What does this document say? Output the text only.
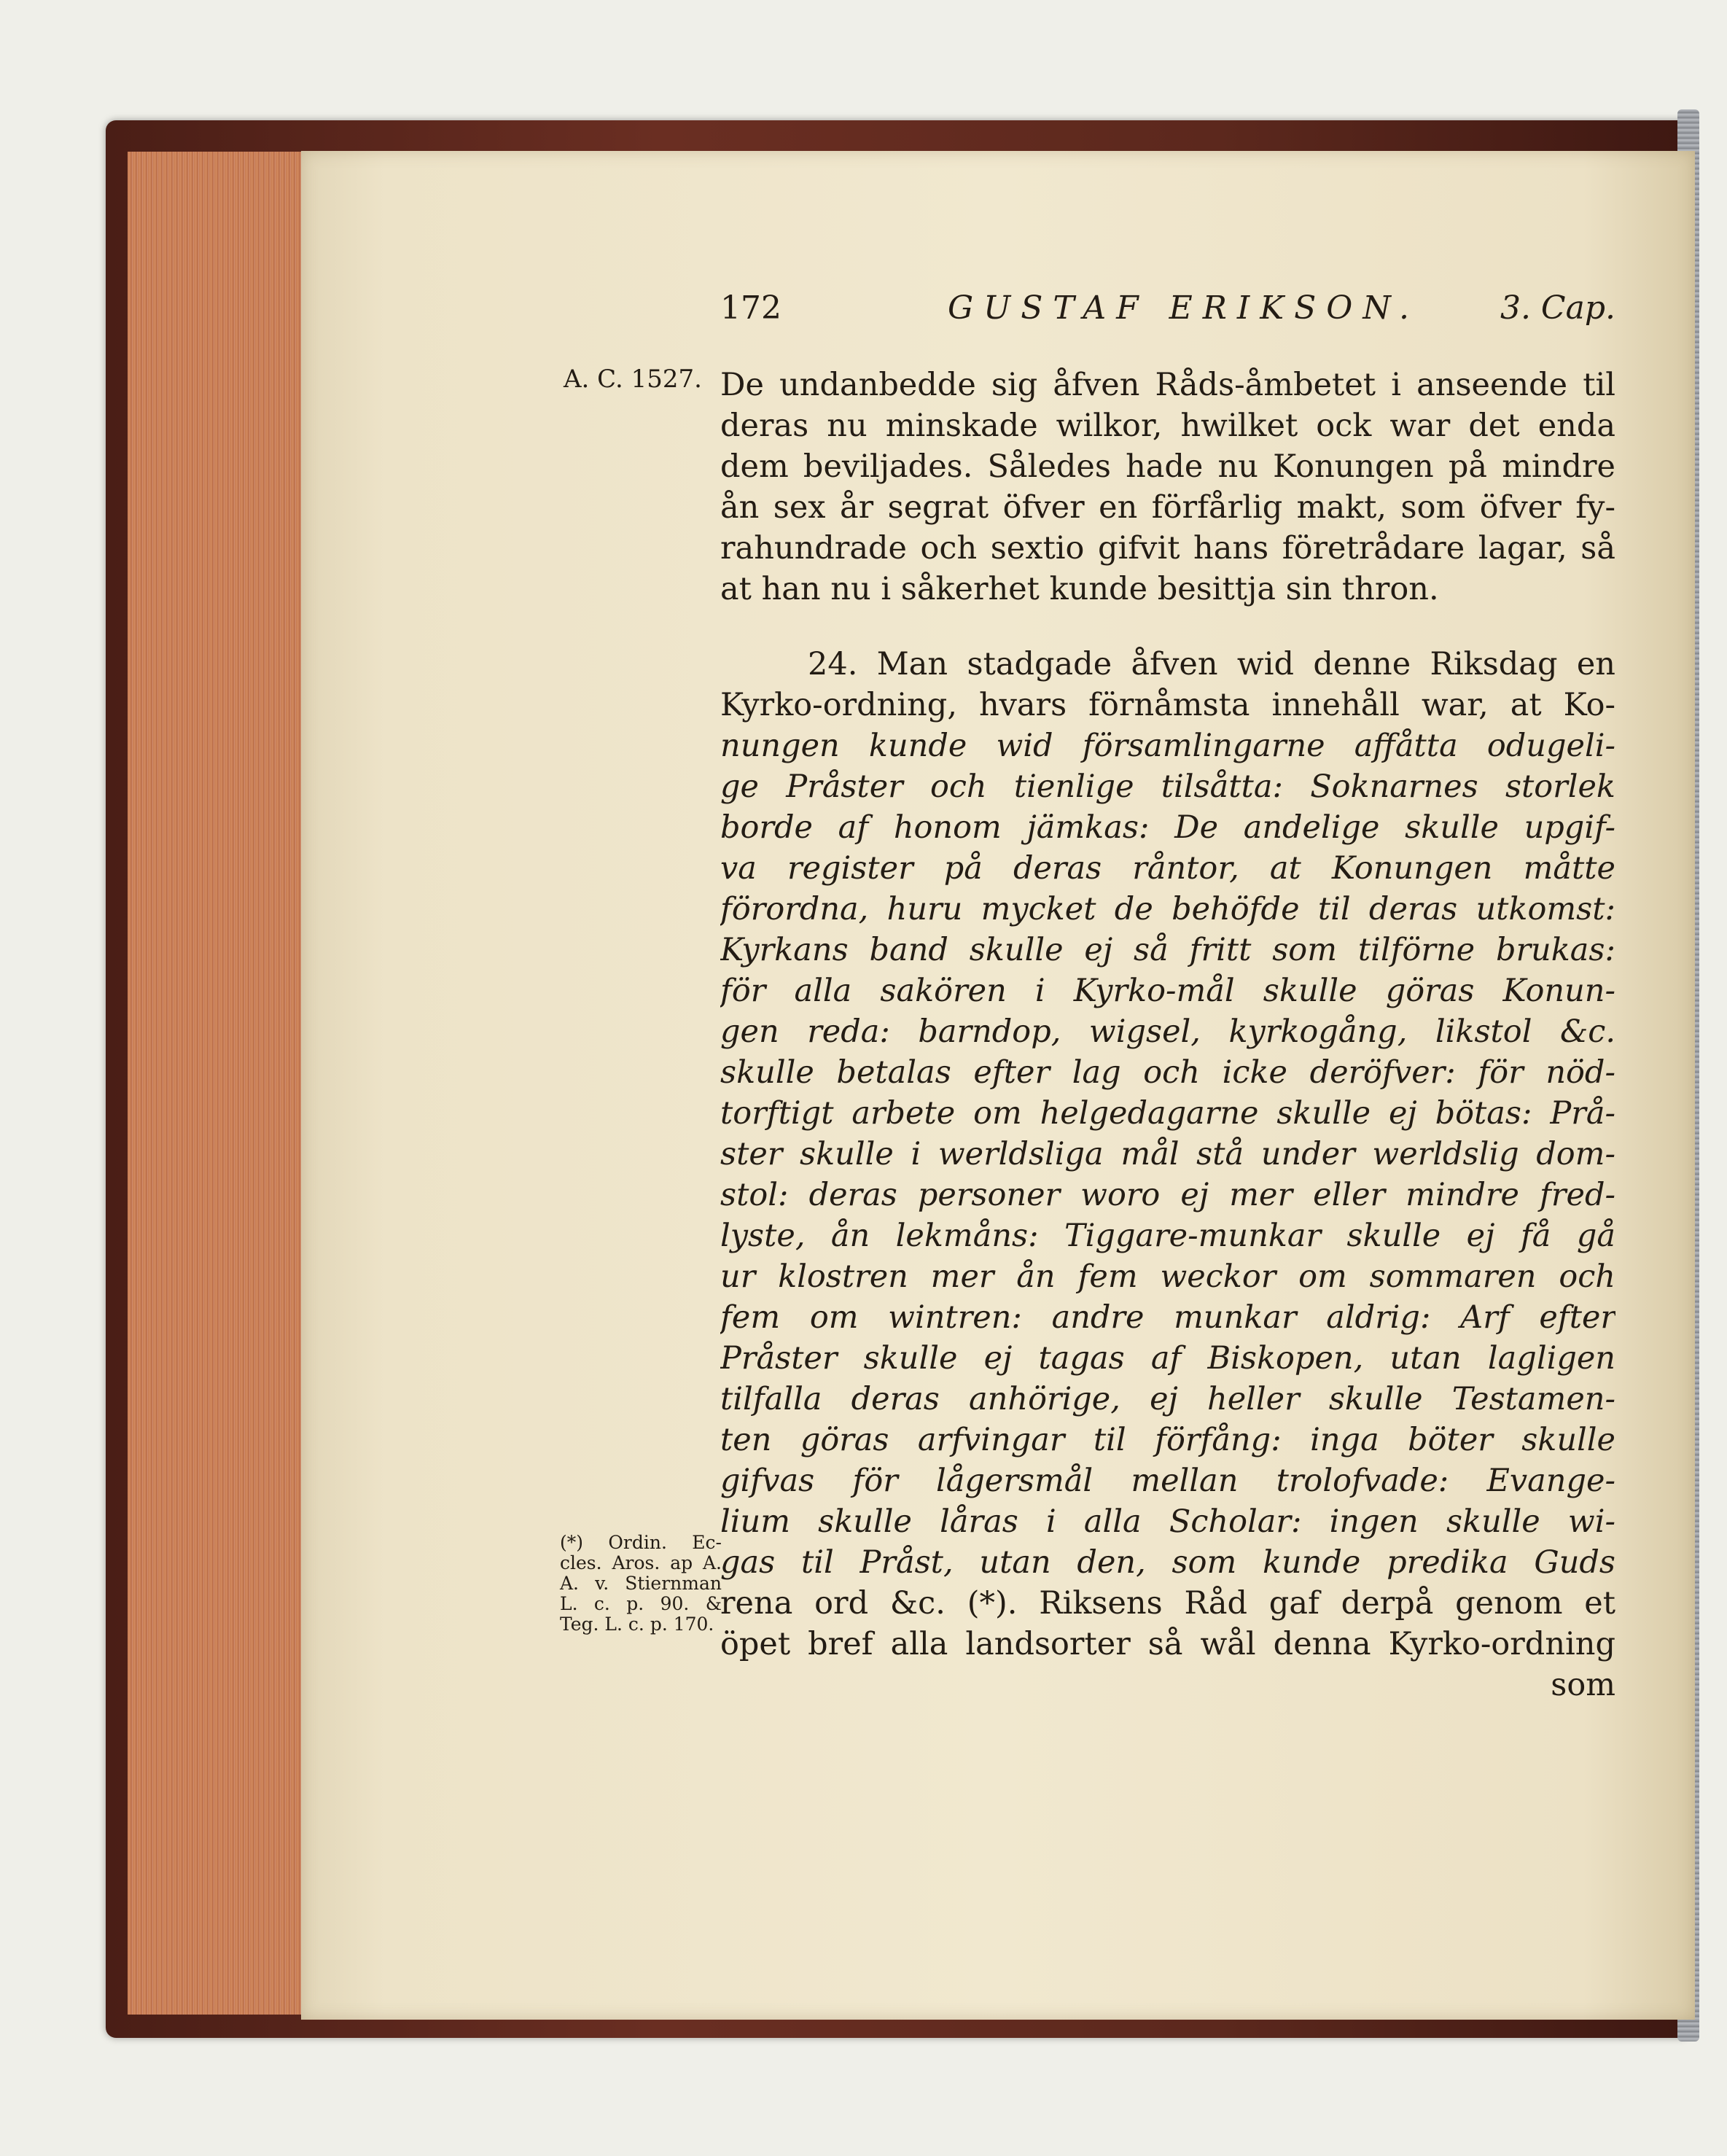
172	GUSTAF ERIKSON.	3. Cap.
A. C. 1527. De undanbedde sig åfven Råds-åmbetet i anseende til
deras nu minskade wilkor, hwilket ock war det enda
dem beviljades. Således hade nu Konungen på mindre
ån sex år segrat öfver en förfårlig makt, som öfver fy-
rahundrade och sextio gifvit hans företrådare lagar, så
at han nu i såkerhet kunde besittja sin thron.
24. Man stadgade åfven wid denne Riksdag en
Kyrko-ordning, hvars förnåmsta innehåll war, at Ko-
nungen kunde wid församlingarne affåtta odugeli-
ge Pråster och tienlige tilsåtta: Soknarnes storlek
borde af honom jämkas: De andelige skulle upgif-
va register på deras råntor, at Konungen måtte
förordna, huru mycket de behöfde til deras utkomst:
Kyrkans band skulle ej så fritt som tilförne brukas:
för alla sakören i Kyrko-mål skulle göras Konun-
gen reda: barndop, wigsel, kyrkogång, likstol &c.
skulle betalas efter lag och icke deröfver: för nöd-
torftigt arbete om helgedagarne skulle ej bötas: Prå-
ster skulle i werldsliga mål stå under werldslig dom-
stol: deras personer woro ej mer eller mindre fred-
lyste, ån lekmåns: Tiggare-munkar skulle ej få gå
ur klostren mer ån fem weckor om sommaren och
fem om wintren: andre munkar aldrig: Arf efter
Pråster skulle ej tagas af Biskopen, utan lagligen
tilfalla deras anhörige, ej heller skulle Testamen-
ten göras arfvingar til förfång: inga böter skulle
gifvas för lågersmål mellan trolofvade: Evange-
lium skulle låras i alla Scholar: ingen skulle wi-
gas til Pråst, utan den, som kunde predika Guds
rena ord &c. (*). Riksens Råd gaf derpå genom et
öpet bref alla landsorter så wål denna Kyrko-ordning
som
(*) Ordin. Ec-
cles. Aros. ap A.
A. v. Stiernman
L. c. p. 90. &
Teg. L. c. p. 170.
